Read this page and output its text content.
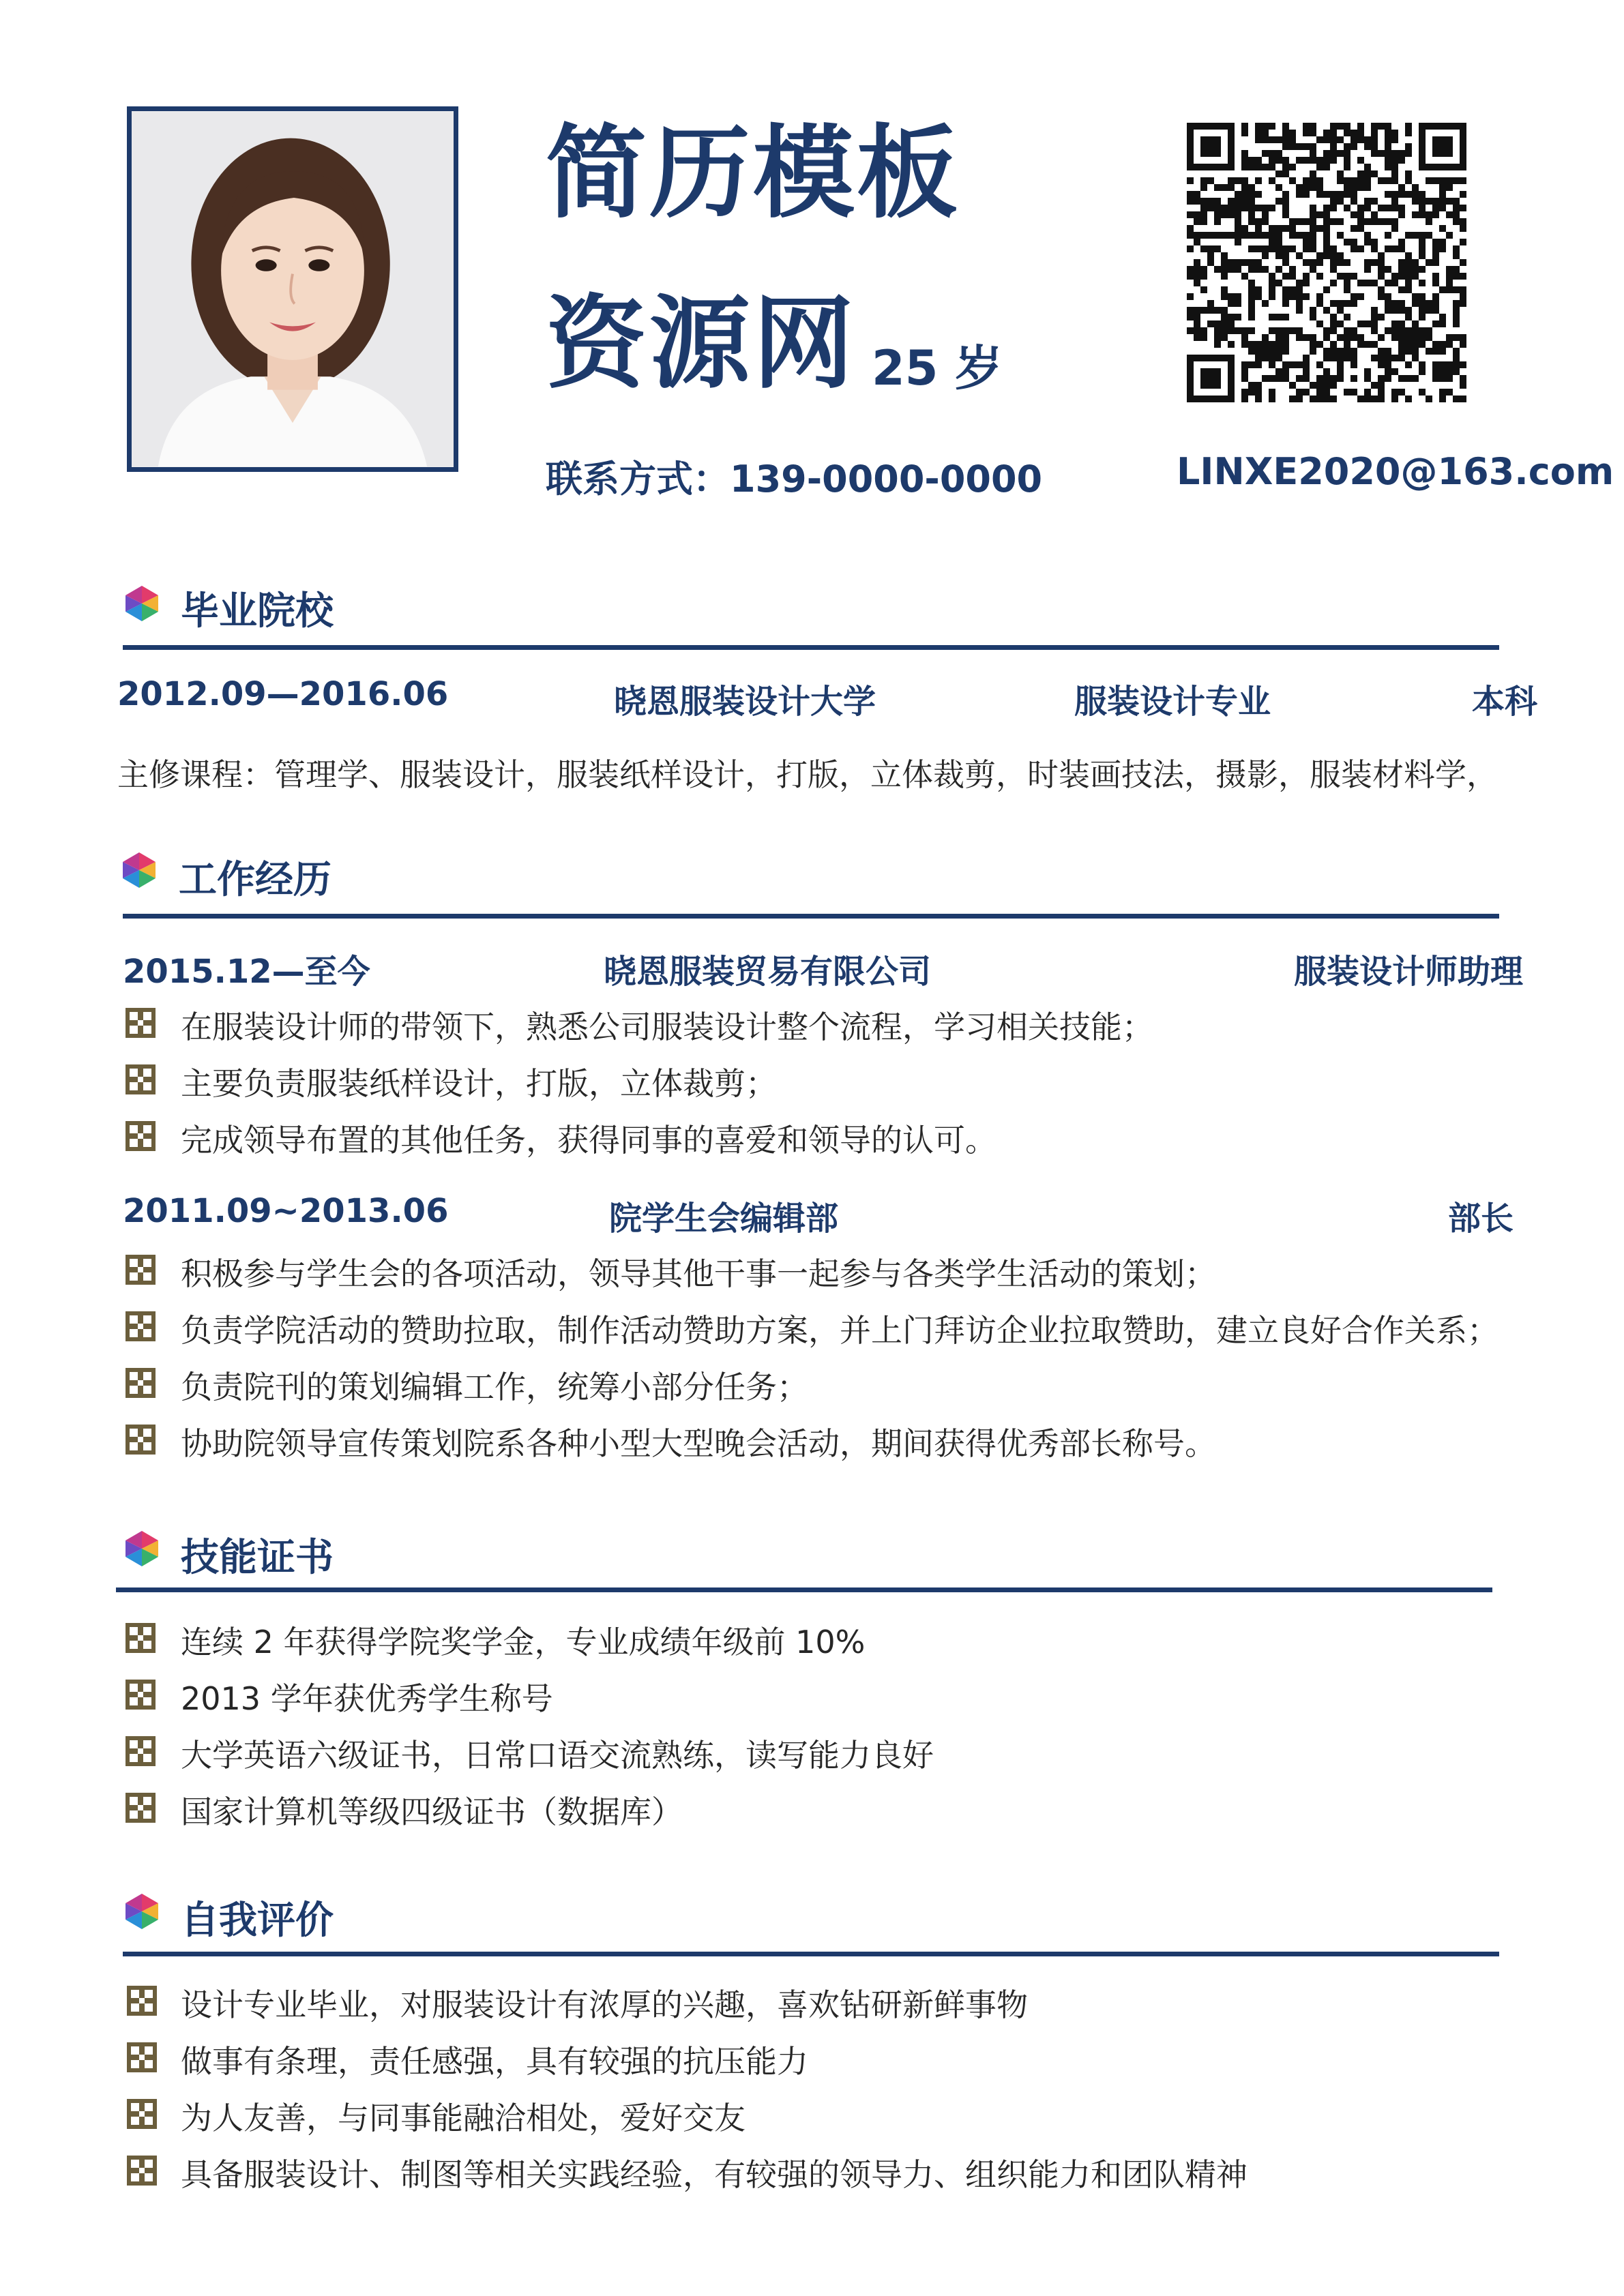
简历模板
资源网 25 岁
联系方式：139-0000-0000	LINXE2020@163.com
毕业院校
2012.09—2016.06	晓恩服装设计大学	服装设计专业	本科
主修课程：管理学、服装设计，服装纸样设计，打版，立体裁剪，时装画技法，摄影，服装材料学，
工作经历
2015.12—至今	晓恩服装贸易有限公司	服装设计师助理
在服装设计师的带领下，熟悉公司服装设计整个流程，学习相关技能；
主要负责服装纸样设计，打版，立体裁剪；
完成领导布置的其他任务，获得同事的喜爱和领导的认可。
2011.09~2013.06	院学生会编辑部	部长
积极参与学生会的各项活动，领导其他干事一起参与各类学生活动的策划；
负责学院活动的赞助拉取，制作活动赞助方案，并上门拜访企业拉取赞助，建立良好合作关系；
负责院刊的策划编辑工作，统筹小部分任务；
协助院领导宣传策划院系各种小型大型晚会活动，期间获得优秀部长称号。
技能证书
连续 2 年获得学院奖学金，专业成绩年级前 10%
2013 学年获优秀学生称号
大学英语六级证书，日常口语交流熟练，读写能力良好
国家计算机等级四级证书（数据库）
自我评价
设计专业毕业，对服装设计有浓厚的兴趣，喜欢钻研新鲜事物
做事有条理，责任感强，具有较强的抗压能力
为人友善，与同事能融洽相处，爱好交友
具备服装设计、制图等相关实践经验，有较强的领导力、组织能力和团队精神
